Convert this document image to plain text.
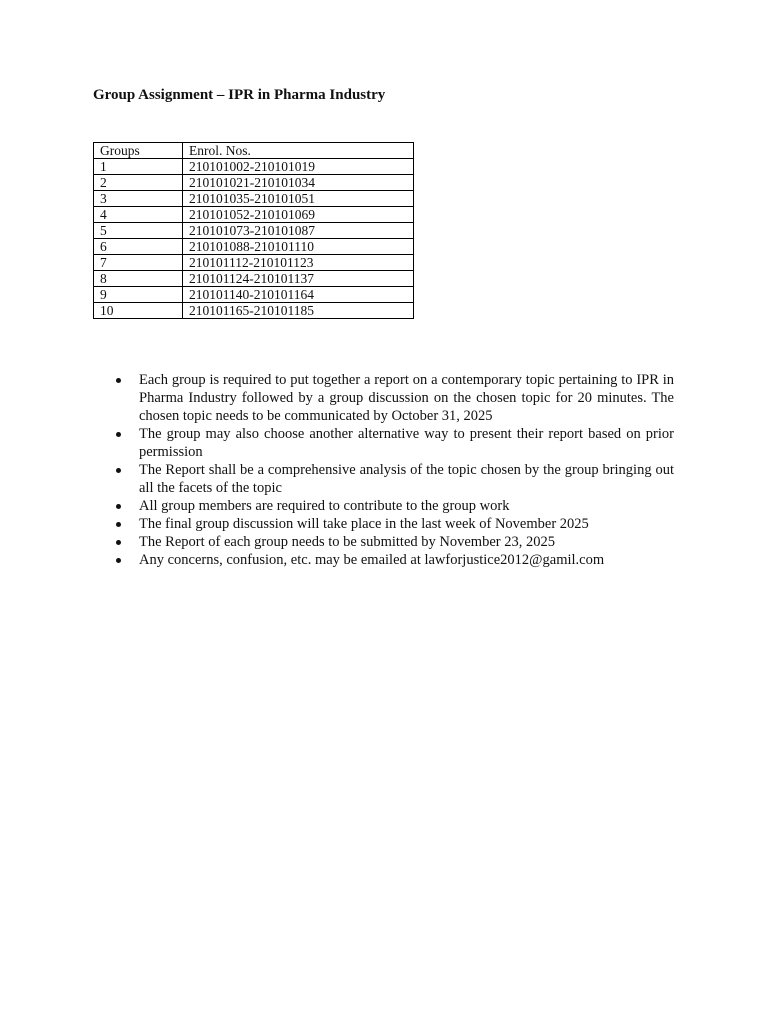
Group Assignment – IPR in Pharma Industry
Groups	Enrol. Nos.
1	210101002-210101019
2	210101021-210101034
3	210101035-210101051
4	210101052-210101069
5	210101073-210101087
6	210101088-210101110
7	210101112-210101123
8	210101124-210101137
9	210101140-210101164
10	210101165-210101185
Each group is required to put together a report on a contemporary topic pertaining to IPR in Pharma Industry followed by a group discussion on the chosen topic for 20 minutes. The chosen topic needs to be communicated by October 31, 2025
The group may also choose another alternative way to present their report based on prior permission
The Report shall be a comprehensive analysis of the topic chosen by the group bringing out all the facets of the topic
All group members are required to contribute to the group work
The final group discussion will take place in the last week of November 2025
The Report of each group needs to be submitted by November 23, 2025
Any concerns, confusion, etc. may be emailed at lawforjustice2012@gamil.com
